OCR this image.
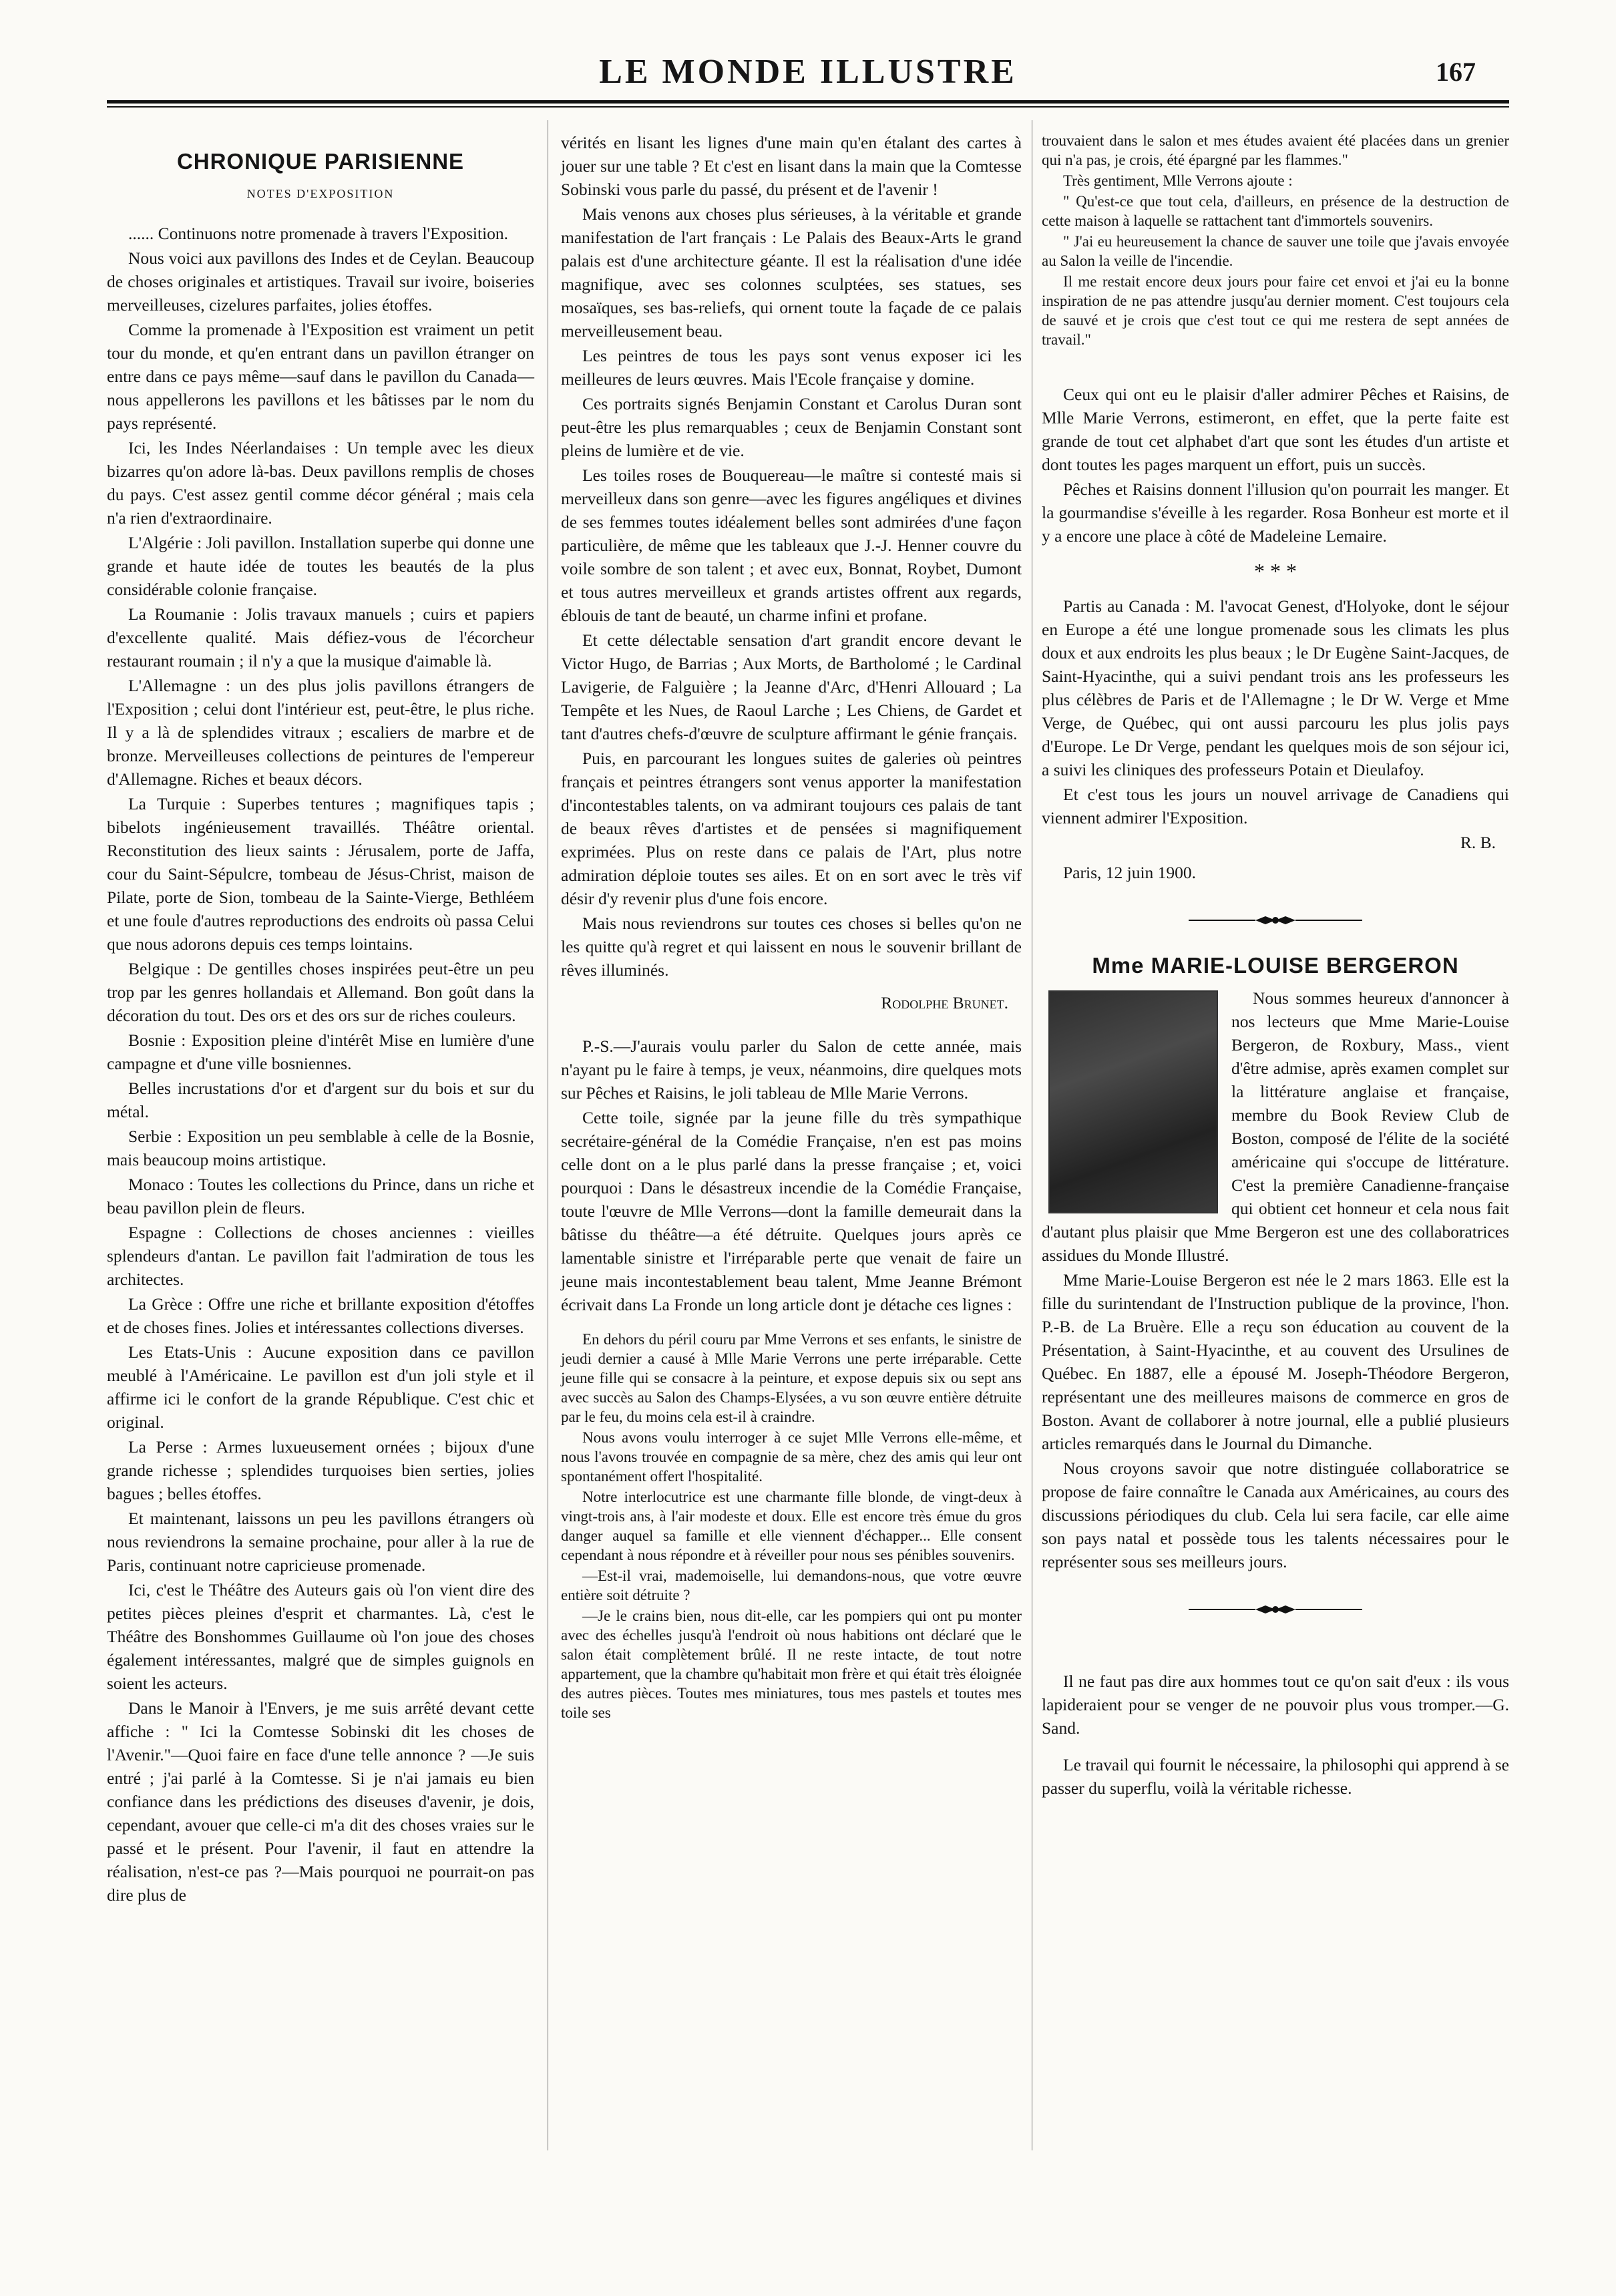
LE MONDE ILLUSTRE	167
CHRONIQUE PARISIENNE
NOTES D'EXPOSITION

...... Continuons notre promenade à travers l'Exposition.

Nous voici aux pavillons des Indes et de Ceylan. Beaucoup de choses originales et artistiques. Travail sur ivoire, boiseries merveilleuses, cizelures parfaites, jolies étoffes.

Comme la promenade à l'Exposition est vraiment un petit tour du monde, et qu'en entrant dans un pavillon étranger on entre dans ce pays même—sauf dans le pavillon du Canada—nous appellerons les pavillons et les bâtisses par le nom du pays représenté.

Ici, les Indes Néerlandaises : Un temple avec les dieux bizarres qu'on adore là-bas. Deux pavillons remplis de choses du pays. C'est assez gentil comme décor général ; mais cela n'a rien d'extraordinaire.

L'Algérie : Joli pavillon. Installation superbe qui donne une grande et haute idée de toutes les beautés de la plus considérable colonie française.

La Roumanie : Jolis travaux manuels ; cuirs et papiers d'excellente qualité. Mais défiez-vous de l'écorcheur restaurant roumain ; il n'y a que la musique d'aimable là.

L'Allemagne : un des plus jolis pavillons étrangers de l'Exposition ; celui dont l'intérieur est, peut-être, le plus riche. Il y a là de splendides vitraux ; escaliers de marbre et de bronze. Merveilleuses collections de peintures de l'empereur d'Allemagne. Riches et beaux décors.

La Turquie : Superbes tentures ; magnifiques tapis ; bibelots ingénieusement travaillés. Théâtre oriental. Reconstitution des lieux saints : Jérusalem, porte de Jaffa, cour du Saint-Sépulcre, tombeau de Jésus-Christ, maison de Pilate, porte de Sion, tombeau de la Sainte-Vierge, Bethléem et une foule d'autres reproductions des endroits où passa Celui que nous adorons depuis ces temps lointains.

Belgique : De gentilles choses inspirées peut-être un peu trop par les genres hollandais et Allemand. Bon goût dans la décoration du tout. Des ors et des ors sur de riches couleurs.

Bosnie : Exposition pleine d'intérêt Mise en lumière d'une campagne et d'une ville bosniennes.

Belles incrustations d'or et d'argent sur du bois et sur du métal.

Serbie : Exposition un peu semblable à celle de la Bosnie, mais beaucoup moins artistique.

Monaco : Toutes les collections du Prince, dans un riche et beau pavillon plein de fleurs.

Espagne : Collections de choses anciennes : vieilles splendeurs d'antan. Le pavillon fait l'admiration de tous les architectes.

La Grèce : Offre une riche et brillante exposition d'étoffes et de choses fines. Jolies et intéressantes collections diverses.

Les Etats-Unis : Aucune exposition dans ce pavillon meublé à l'Américaine. Le pavillon est d'un joli style et il affirme ici le confort de la grande République. C'est chic et original.

La Perse : Armes luxueusement ornées ; bijoux d'une grande richesse ; splendides turquoises bien serties, jolies bagues ; belles étoffes.

Et maintenant, laissons un peu les pavillons étrangers où nous reviendrons la semaine prochaine, pour aller à la rue de Paris, continuant notre capricieuse promenade.

Ici, c'est le Théâtre des Auteurs gais où l'on vient dire des petites pièces pleines d'esprit et charmantes. Là, c'est le Théâtre des Bonshommes Guillaume où l'on joue des choses également intéressantes, malgré que de simples guignols en soient les acteurs.

Dans le Manoir à l'Envers, je me suis arrêté devant cette affiche : " Ici la Comtesse Sobinski dit les choses de l'Avenir."—Quoi faire en face d'une telle annonce ? —Je suis entré ; j'ai parlé à la Comtesse. Si je n'ai jamais eu bien confiance dans les prédictions des diseuses d'avenir, je dois, cependant, avouer que celle-ci m'a dit des choses vraies sur le passé et le présent. Pour l'avenir, il faut en attendre la réalisation, n'est-ce pas ?—Mais pourquoi ne pourrait-on pas dire plus de

vérités en lisant les lignes d'une main qu'en étalant des cartes à jouer sur une table ? Et c'est en lisant dans la main que la Comtesse Sobinski vous parle du passé, du présent et de l'avenir !

Mais venons aux choses plus sérieuses, à la véritable et grande manifestation de l'art français : Le Palais des Beaux-Arts le grand palais est d'une architecture géante. Il est la réalisation d'une idée magnifique, avec ses colonnes sculptées, ses statues, ses mosaïques, ses bas-reliefs, qui ornent toute la façade de ce palais merveilleusement beau.

Les peintres de tous les pays sont venus exposer ici les meilleures de leurs œuvres. Mais l'Ecole française y domine.

Ces portraits signés Benjamin Constant et Carolus Duran sont peut-être les plus remarquables ; ceux de Benjamin Constant sont pleins de lumière et de vie.

Les toiles roses de Bouquereau—le maître si contesté mais si merveilleux dans son genre—avec les figures angéliques et divines de ses femmes toutes idéalement belles sont admirées d'une façon particulière, de même que les tableaux que J.-J. Henner couvre du voile sombre de son talent ; et avec eux, Bonnat, Roybet, Dumont et tous autres merveilleux et grands artistes offrent aux regards, éblouis de tant de beauté, un charme infini et profane.

Et cette délectable sensation d'art grandit encore devant le Victor Hugo, de Barrias ; Aux Morts, de Bartholomé ; le Cardinal Lavigerie, de Falguière ; la Jeanne d'Arc, d'Henri Allouard ; La Tempête et les Nues, de Raoul Larche ; Les Chiens, de Gardet et tant d'autres chefs-d'œuvre de sculpture affirmant le génie français.

Puis, en parcourant les longues suites de galeries où peintres français et peintres étrangers sont venus apporter la manifestation d'incontestables talents, on va admirant toujours ces palais de tant de beaux rêves d'artistes et de pensées si magnifiquement exprimées. Plus on reste dans ce palais de l'Art, plus notre admiration déploie toutes ses ailes. Et on en sort avec le très vif désir d'y revenir plus d'une fois encore.

Mais nous reviendrons sur toutes ces choses si belles qu'on ne les quitte qu'à regret et qui laissent en nous le souvenir brillant de rêves illuminés.

Rodolphe Brunet.

P.-S.—J'aurais voulu parler du Salon de cette année, mais n'ayant pu le faire à temps, je veux, néanmoins, dire quelques mots sur Pêches et Raisins, le joli tableau de Mlle Marie Verrons.

Cette toile, signée par la jeune fille du très sympathique secrétaire-général de la Comédie Française, n'en est pas moins celle dont on a le plus parlé dans la presse française ; et, voici pourquoi : Dans le désastreux incendie de la Comédie Française, toute l'œuvre de Mlle Verrons—dont la famille demeurait dans la bâtisse du théâtre—a été détruite. Quelques jours après ce lamentable sinistre et l'irréparable perte que venait de faire un jeune mais incontestablement beau talent, Mme Jeanne Brémont écrivait dans La Fronde un long article dont je détache ces lignes :

En dehors du péril couru par Mme Verrons et ses enfants, le sinistre de jeudi dernier a causé à Mlle Marie Verrons une perte irréparable. Cette jeune fille qui se consacre à la peinture, et expose depuis six ou sept ans avec succès au Salon des Champs-Elysées, a vu son œuvre entière détruite par le feu, du moins cela est-il à craindre.

Nous avons voulu interroger à ce sujet Mlle Verrons elle-même, et nous l'avons trouvée en compagnie de sa mère, chez des amis qui leur ont spontanément offert l'hospitalité.

Notre interlocutrice est une charmante fille blonde, de vingt-deux à vingt-trois ans, à l'air modeste et doux. Elle est encore très émue du gros danger auquel sa famille et elle viennent d'échapper... Elle consent cependant à nous répondre et à réveiller pour nous ses pénibles souvenirs.

—Est-il vrai, mademoiselle, lui demandons-nous, que votre œuvre entière soit détruite ?

—Je le crains bien, nous dit-elle, car les pompiers qui ont pu monter avec des échelles jusqu'à l'endroit où nous habitions ont déclaré que le salon était complètement brûlé. Il ne reste intacte, de tout notre appartement, que la chambre qu'habitait mon frère et qui était très éloignée des autres pièces. Toutes mes miniatures, tous mes pastels et toutes mes toile ses

trouvaient dans le salon et mes études avaient été placées dans un grenier qui n'a pas, je crois, été épargné par les flammes."

Très gentiment, Mlle Verrons ajoute :

" Qu'est-ce que tout cela, d'ailleurs, en présence de la destruction de cette maison à laquelle se rattachent tant d'immortels souvenirs.

" J'ai eu heureusement la chance de sauver une toile que j'avais envoyée au Salon la veille de l'incendie.

Il me restait encore deux jours pour faire cet envoi et j'ai eu la bonne inspiration de ne pas attendre jusqu'au dernier moment. C'est toujours cela de sauvé et je crois que c'est tout ce qui me restera de sept années de travail."

Ceux qui ont eu le plaisir d'aller admirer Pêches et Raisins, de Mlle Marie Verrons, estimeront, en effet, que la perte faite est grande de tout cet alphabet d'art que sont les études d'un artiste et dont toutes les pages marquent un effort, puis un succès.

Pêches et Raisins donnent l'illusion qu'on pourrait les manger. Et la gourmandise s'éveille à les regarder. Rosa Bonheur est morte et il y a encore une place à côté de Madeleine Lemaire.

* * *

Partis au Canada : M. l'avocat Genest, d'Holyoke, dont le séjour en Europe a été une longue promenade sous les climats les plus doux et aux endroits les plus beaux ; le Dr Eugène Saint-Jacques, de Saint-Hyacinthe, qui a suivi pendant trois ans les professeurs les plus célèbres de Paris et de l'Allemagne ; le Dr W. Verge et Mme Verge, de Québec, qui ont aussi parcouru les plus jolis pays d'Europe. Le Dr Verge, pendant les quelques mois de son séjour ici, a suivi les cliniques des professeurs Potain et Dieulafoy.

Et c'est tous les jours un nouvel arrivage de Canadiens qui viennent admirer l'Exposition.

R. B.

Paris, 12 juin 1900.

Mme MARIE-LOUISE BERGERON

Nous sommes heureux d'annoncer à nos lecteurs que Mme Marie-Louise Bergeron, de Roxbury, Mass., vient d'être admise, après examen complet sur la littérature anglaise et française, membre du Book Review Club de Boston, composé de l'élite de la société américaine qui s'occupe de littérature. C'est la première Canadienne-française qui obtient cet honneur et cela nous fait d'autant plus plaisir que Mme Bergeron est une des collaboratrices assidues du Monde Illustré.

Mme Marie-Louise Bergeron est née le 2 mars 1863. Elle est la fille du surintendant de l'Instruction publique de la province, l'hon. P.-B. de La Bruère. Elle a reçu son éducation au couvent de la Présentation, à Saint-Hyacinthe, et au couvent des Ursulines de Québec. En 1887, elle a épousé M. Joseph-Théodore Bergeron, représentant une des meilleures maisons de commerce en gros de Boston. Avant de collaborer à notre journal, elle a publié plusieurs articles remarqués dans le Journal du Dimanche.

Nous croyons savoir que notre distinguée collaboratrice se propose de faire connaître le Canada aux Américaines, au cours des discussions périodiques du club. Cela lui sera facile, car elle aime son pays natal et possède tous les talents nécessaires pour le représenter sous ses meilleurs jours.

Il ne faut pas dire aux hommes tout ce qu'on sait d'eux : ils vous lapideraient pour se venger de ne pouvoir plus vous tromper.—G. Sand.

Le travail qui fournit le nécessaire, la philosophi qui apprend à se passer du superflu, voilà la véritable richesse.
